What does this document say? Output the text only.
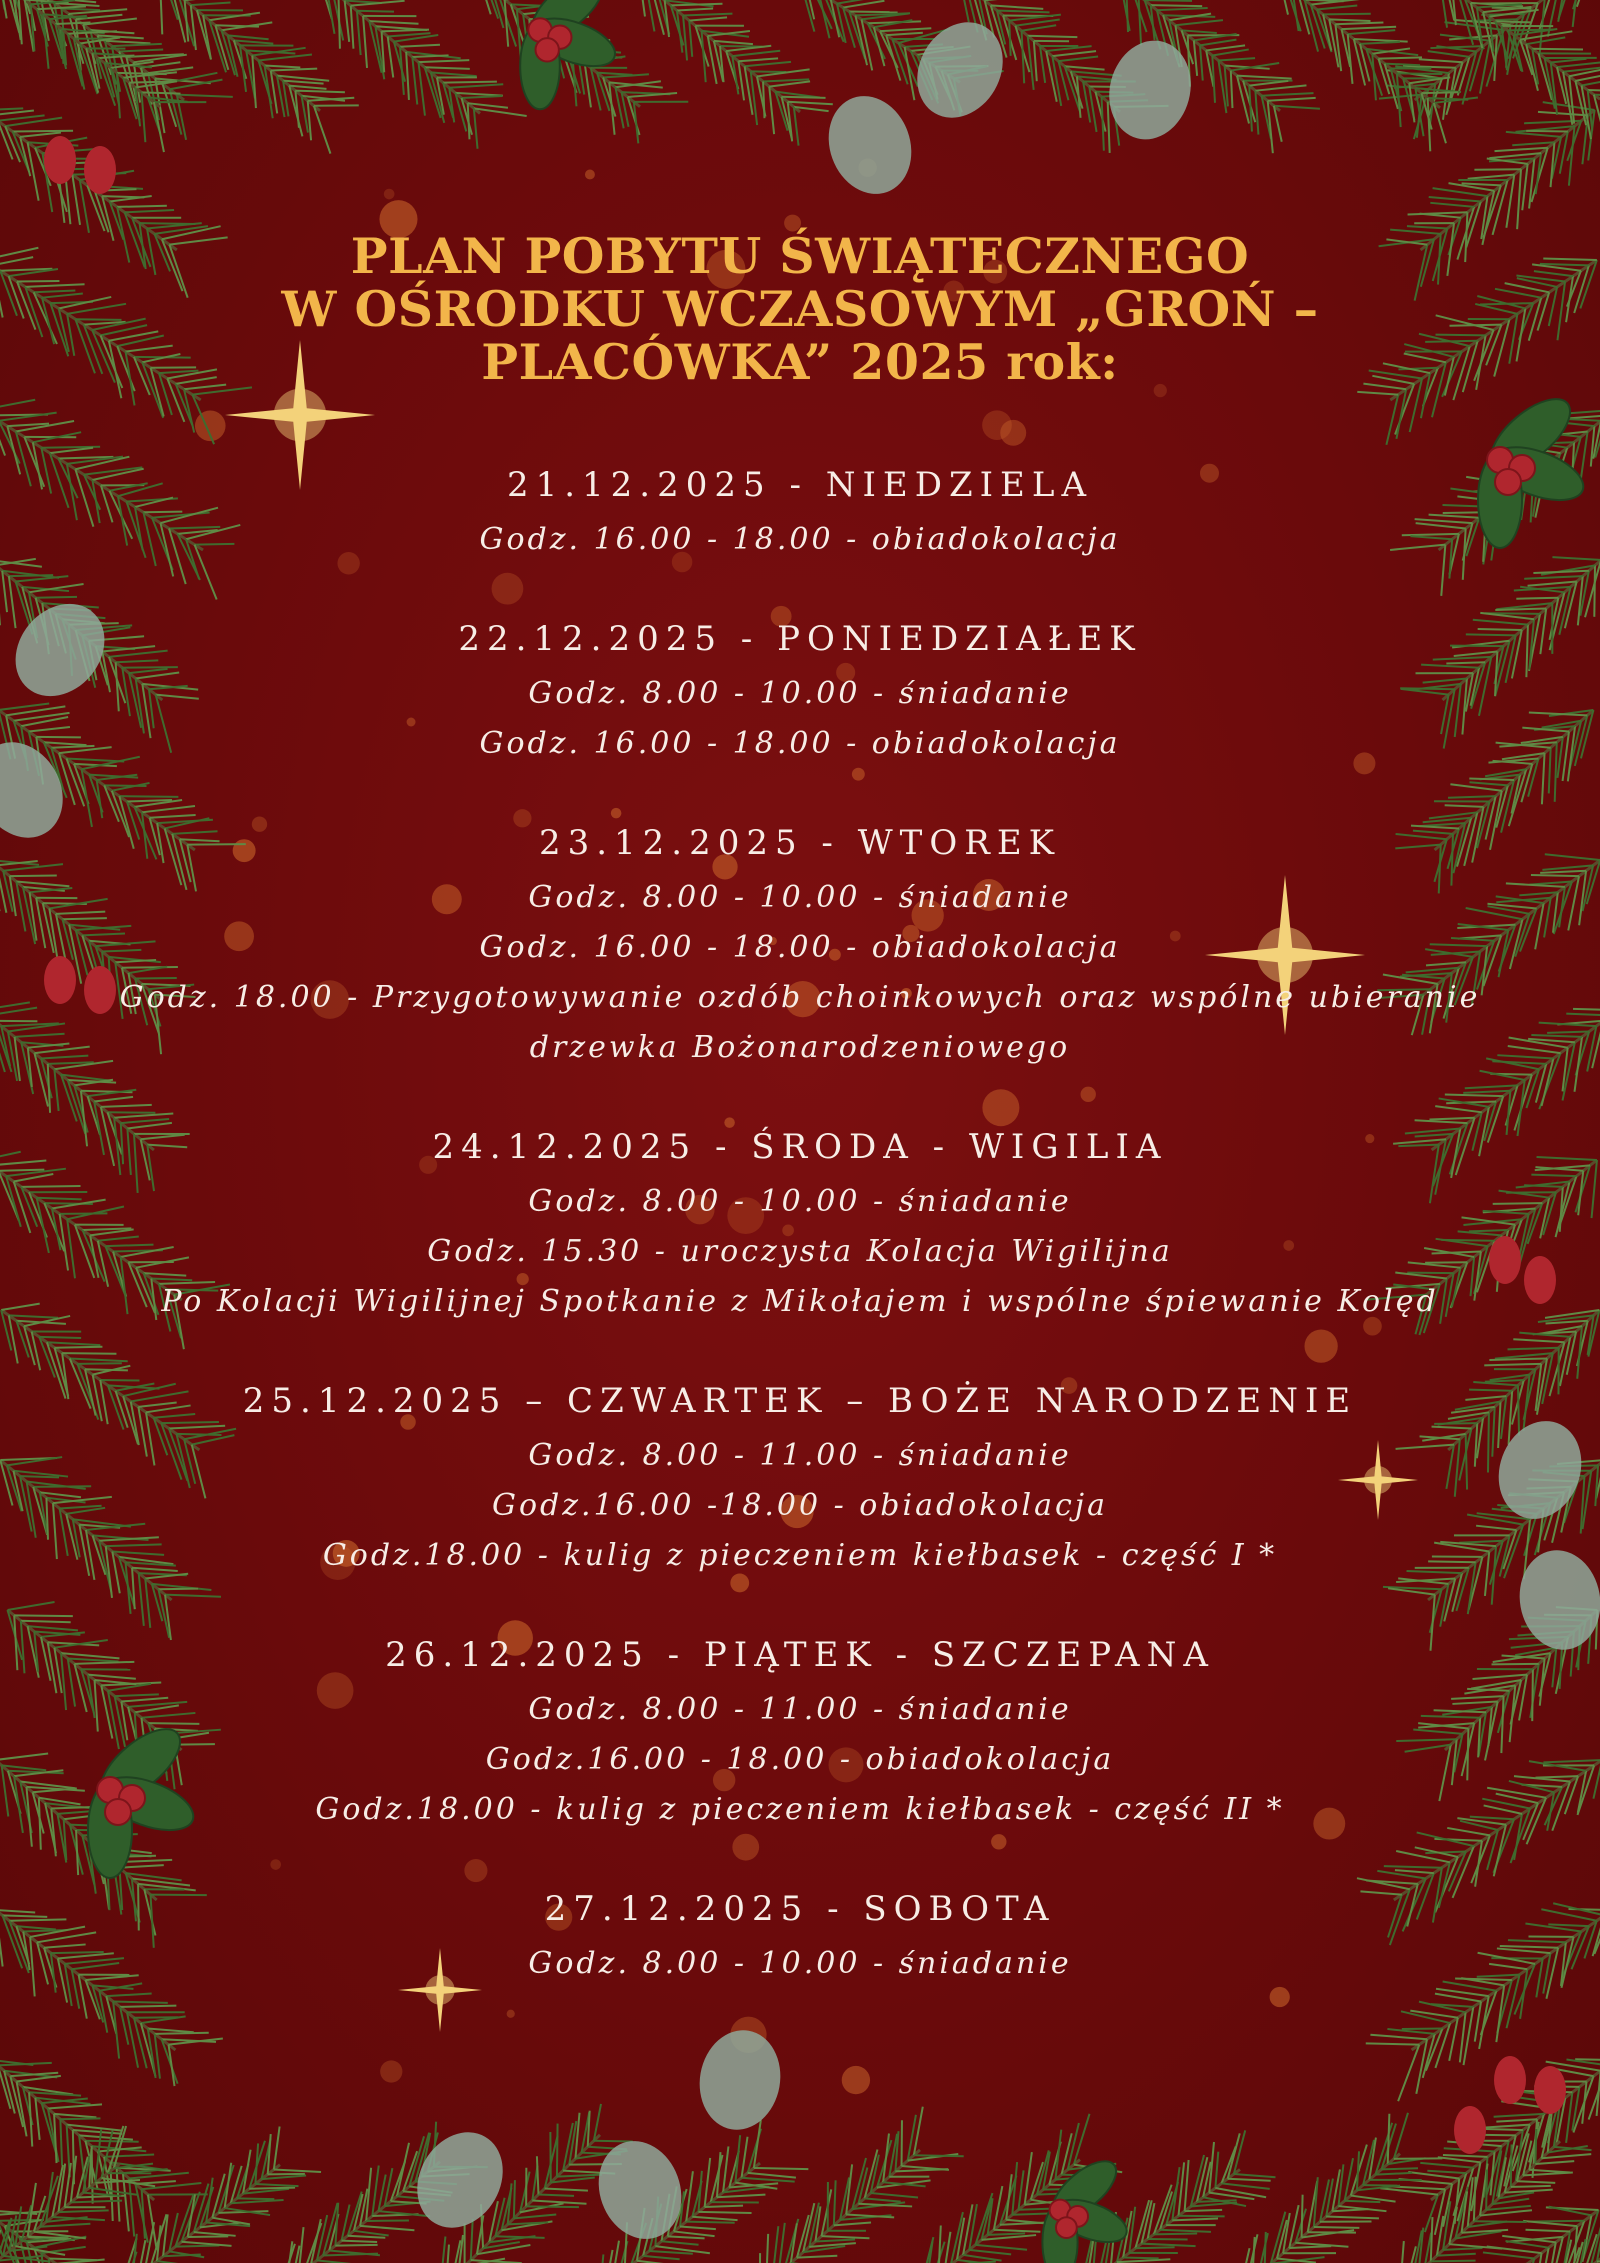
PLAN POBYTU ŚWIĄTECZNEGO
W OŚRODKU WCZASOWYM „GROŃ –
PLACÓWKA” 2025 rok:
21.12.2025 - NIEDZIELA
Godz. 16.00 - 18.00 - obiadokolacja
22.12.2025 - PONIEDZIAŁEK
Godz. 8.00 - 10.00 - śniadanie
Godz. 16.00 - 18.00 - obiadokolacja
23.12.2025 - WTOREK
Godz. 8.00 - 10.00 - śniadanie
Godz. 16.00 - 18.00 - obiadokolacja
Godz. 18.00 - Przygotowywanie ozdób choinkowych oraz wspólne ubieranie
drzewka Bożonarodzeniowego
24.12.2025 - ŚRODA - WIGILIA
Godz. 8.00 - 10.00 - śniadanie
Godz. 15.30 - uroczysta Kolacja Wigilijna
Po Kolacji Wigilijnej Spotkanie z Mikołajem i wspólne śpiewanie Kolęd
25.12.2025 – CZWARTEK – BOŻE NARODZENIE
Godz. 8.00 - 11.00 - śniadanie
Godz.16.00 -18.00 - obiadokolacja
Godz.18.00 - kulig z pieczeniem kiełbasek - część I *
26.12.2025 - PIĄTEK - SZCZEPANA
Godz. 8.00 - 11.00 - śniadanie
Godz.16.00 - 18.00 - obiadokolacja
Godz.18.00 - kulig z pieczeniem kiełbasek - część II *
27.12.2025 - SOBOTA
Godz. 8.00 - 10.00 - śniadanie
